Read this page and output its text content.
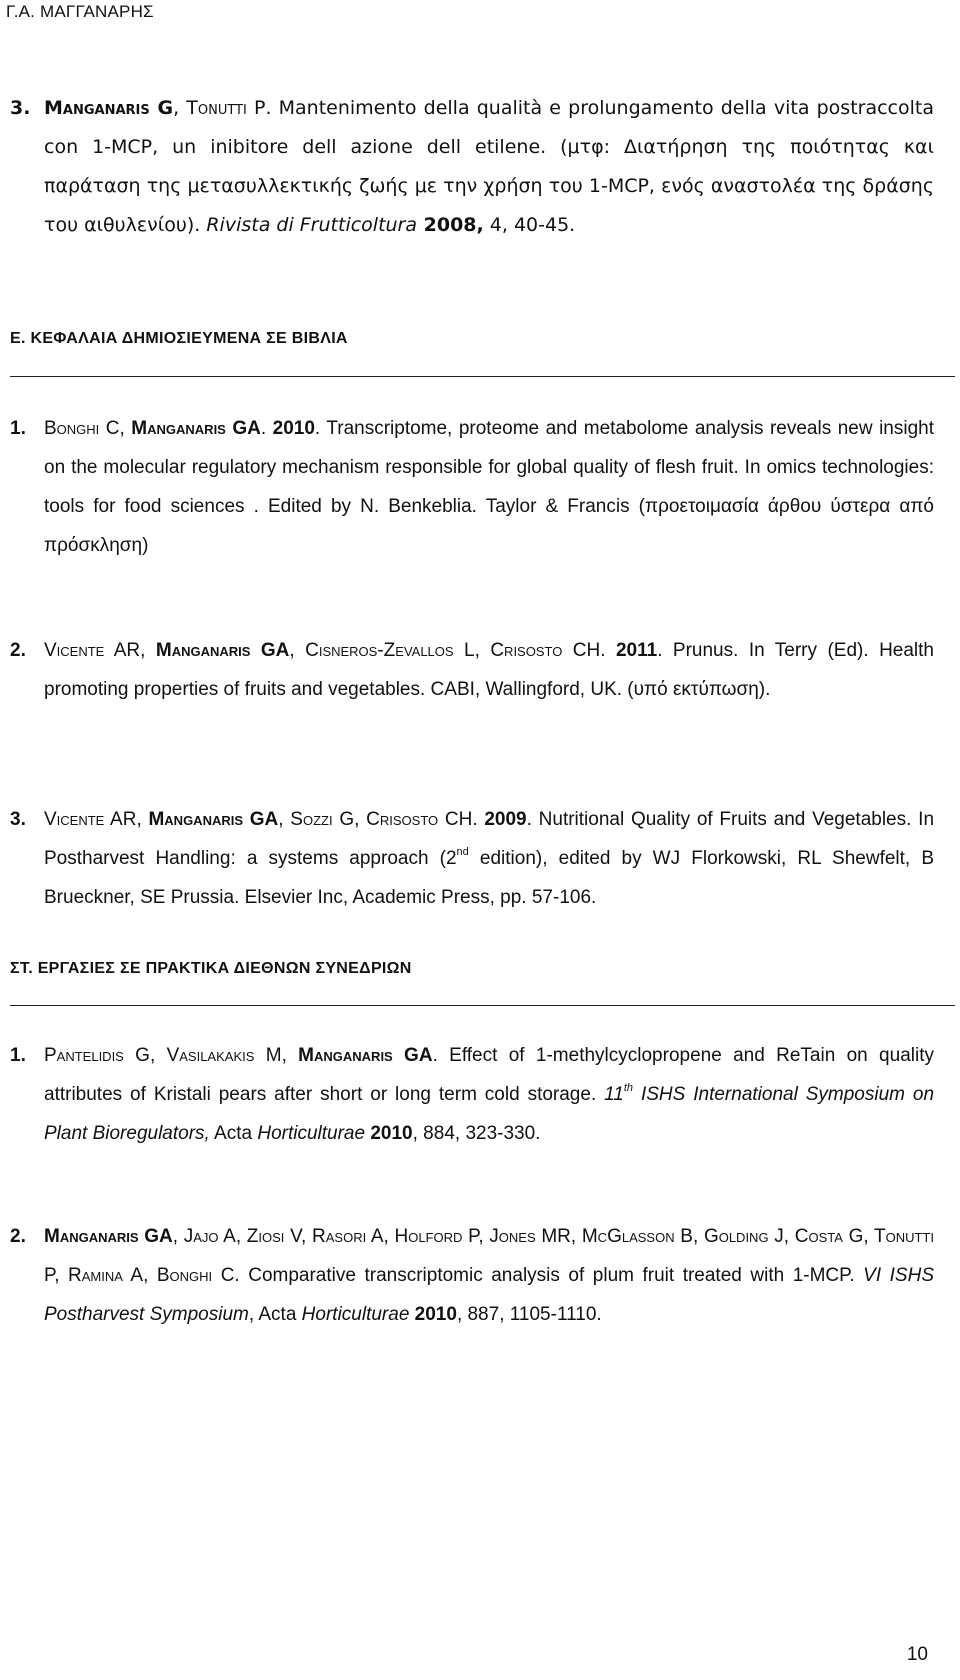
Γ.Α. ΜΑΓΓΑΝΑΡΗΣ
3. Manganaris G, Tonutti P. Mantenimento della qualità e prolungamento della vita postraccolta con 1-MCP, un inibitore dell azione dell etilene. (μτφ: Διατήρηση της ποιότητας και παράταση της μετασυλλεκτικής ζωής με την χρήση του 1-MCP, ενός αναστολέα της δράσης του αιθυλενίου). Rivista di Frutticoltura 2008, 4, 40-45.
Ε. ΚΕΦΑΛΑΙΑ ΔΗΜΙΟΣΙΕΥΜΕΝΑ ΣΕ ΒΙΒΛΙΑ
1. Bonghi C, Manganaris GA. 2010. Transcriptome, proteome and metabolome analysis reveals new insight on the molecular regulatory mechanism responsible for global quality of flesh fruit. In omics technologies: tools for food sciences . Edited by N. Benkeblia. Taylor & Francis (προετοιμασία άρθου ύστερα από πρόσκληση)
2. Vicente AR, Manganaris GA, Cisneros-Zevallos L, Crisosto CH. 2011. Prunus. In Terry (Ed). Health promoting properties of fruits and vegetables. CABI, Wallingford, UK. (υπό εκτύπωση).
3. Vicente AR, Manganaris GA, Sozzi G, Crisosto CH. 2009. Nutritional Quality of Fruits and Vegetables. In Postharvest Handling: a systems approach (2nd edition), edited by WJ Florkowski, RL Shewfelt, B Brueckner, SE Prussia. Elsevier Inc, Academic Press, pp. 57-106.
ΣΤ. ΕΡΓΑΣΙΕΣ ΣΕ ΠΡΑΚΤΙΚΑ ΔΙΕΘΝΩΝ ΣΥΝΕΔΡΙΩΝ
1. Pantelidis G, Vasilakakis M, Manganaris GA. Effect of 1-methylcyclopropene and ReTain on quality attributes of Kristali pears after short or long term cold storage. 11th ISHS International Symposium on Plant Bioregulators, Acta Horticulturae 2010, 884, 323-330.
2. Manganaris GA, Jajo A, Ziosi V, Rasori A, Holford P, Jones MR, McGlasson B, Golding J, Costa G, Tonutti P, Ramina A, Bonghi C. Comparative transcriptomic analysis of plum fruit treated with 1-MCP. VI ISHS Postharvest Symposium, Acta Horticulturae 2010, 887, 1105-1110.
10
